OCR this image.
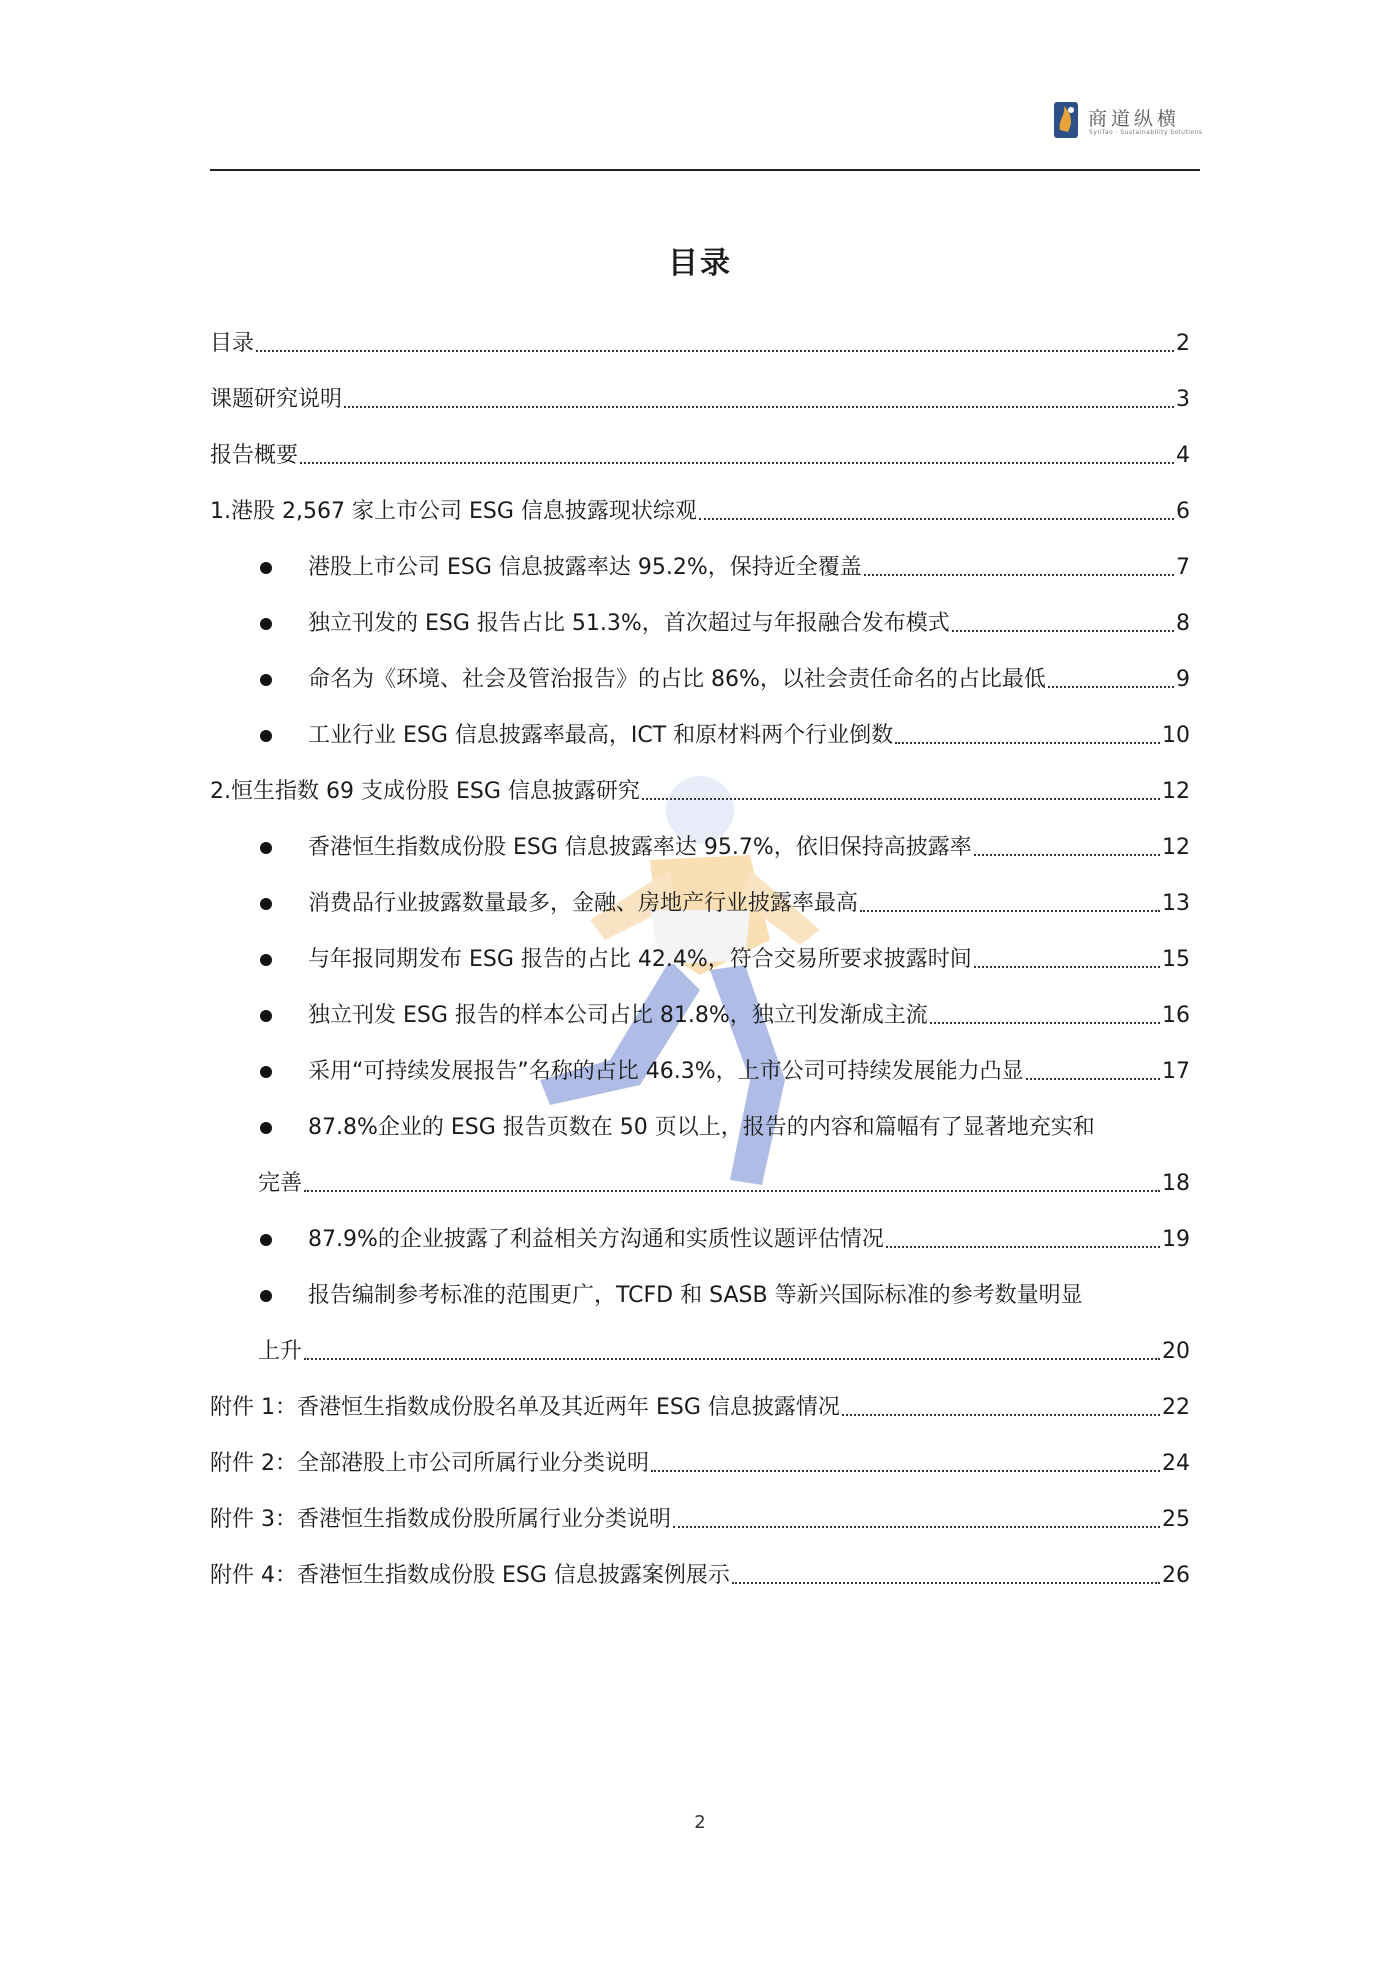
商道纵横
SynTao · Sustainability Solutions
目录
目录	2
课题研究说明	3
报告概要	4
1.港股 2,567 家上市公司 ESG 信息披露现状综观	6
港股上市公司 ESG 信息披露率达 95.2%，保持近全覆盖	7
独立刊发的 ESG 报告占比 51.3%，首次超过与年报融合发布模式	8
命名为《环境、社会及管治报告》的占比 86%，以社会责任命名的占比最低	9
工业行业 ESG 信息披露率最高，ICT 和原材料两个行业倒数	10
2.恒生指数 69 支成份股 ESG 信息披露研究	12
香港恒生指数成份股 ESG 信息披露率达 95.7%，依旧保持高披露率	12
消费品行业披露数量最多，金融、房地产行业披露率最高	13
与年报同期发布 ESG 报告的占比 42.4%，符合交易所要求披露时间	15
独立刊发 ESG 报告的样本公司占比 81.8%，独立刊发渐成主流	16
采用“可持续发展报告”名称的占比 46.3%，上市公司可持续发展能力凸显	17
87.8%企业的 ESG 报告页数在 50 页以上，报告的内容和篇幅有了显著地充实和
完善	18
87.9%的企业披露了利益相关方沟通和实质性议题评估情况	19
报告编制参考标准的范围更广，TCFD 和 SASB 等新兴国际标准的参考数量明显
上升	20
附件 1：香港恒生指数成份股名单及其近两年 ESG 信息披露情况	22
附件 2：全部港股上市公司所属行业分类说明	24
附件 3：香港恒生指数成份股所属行业分类说明	25
附件 4：香港恒生指数成份股 ESG 信息披露案例展示	26
2
